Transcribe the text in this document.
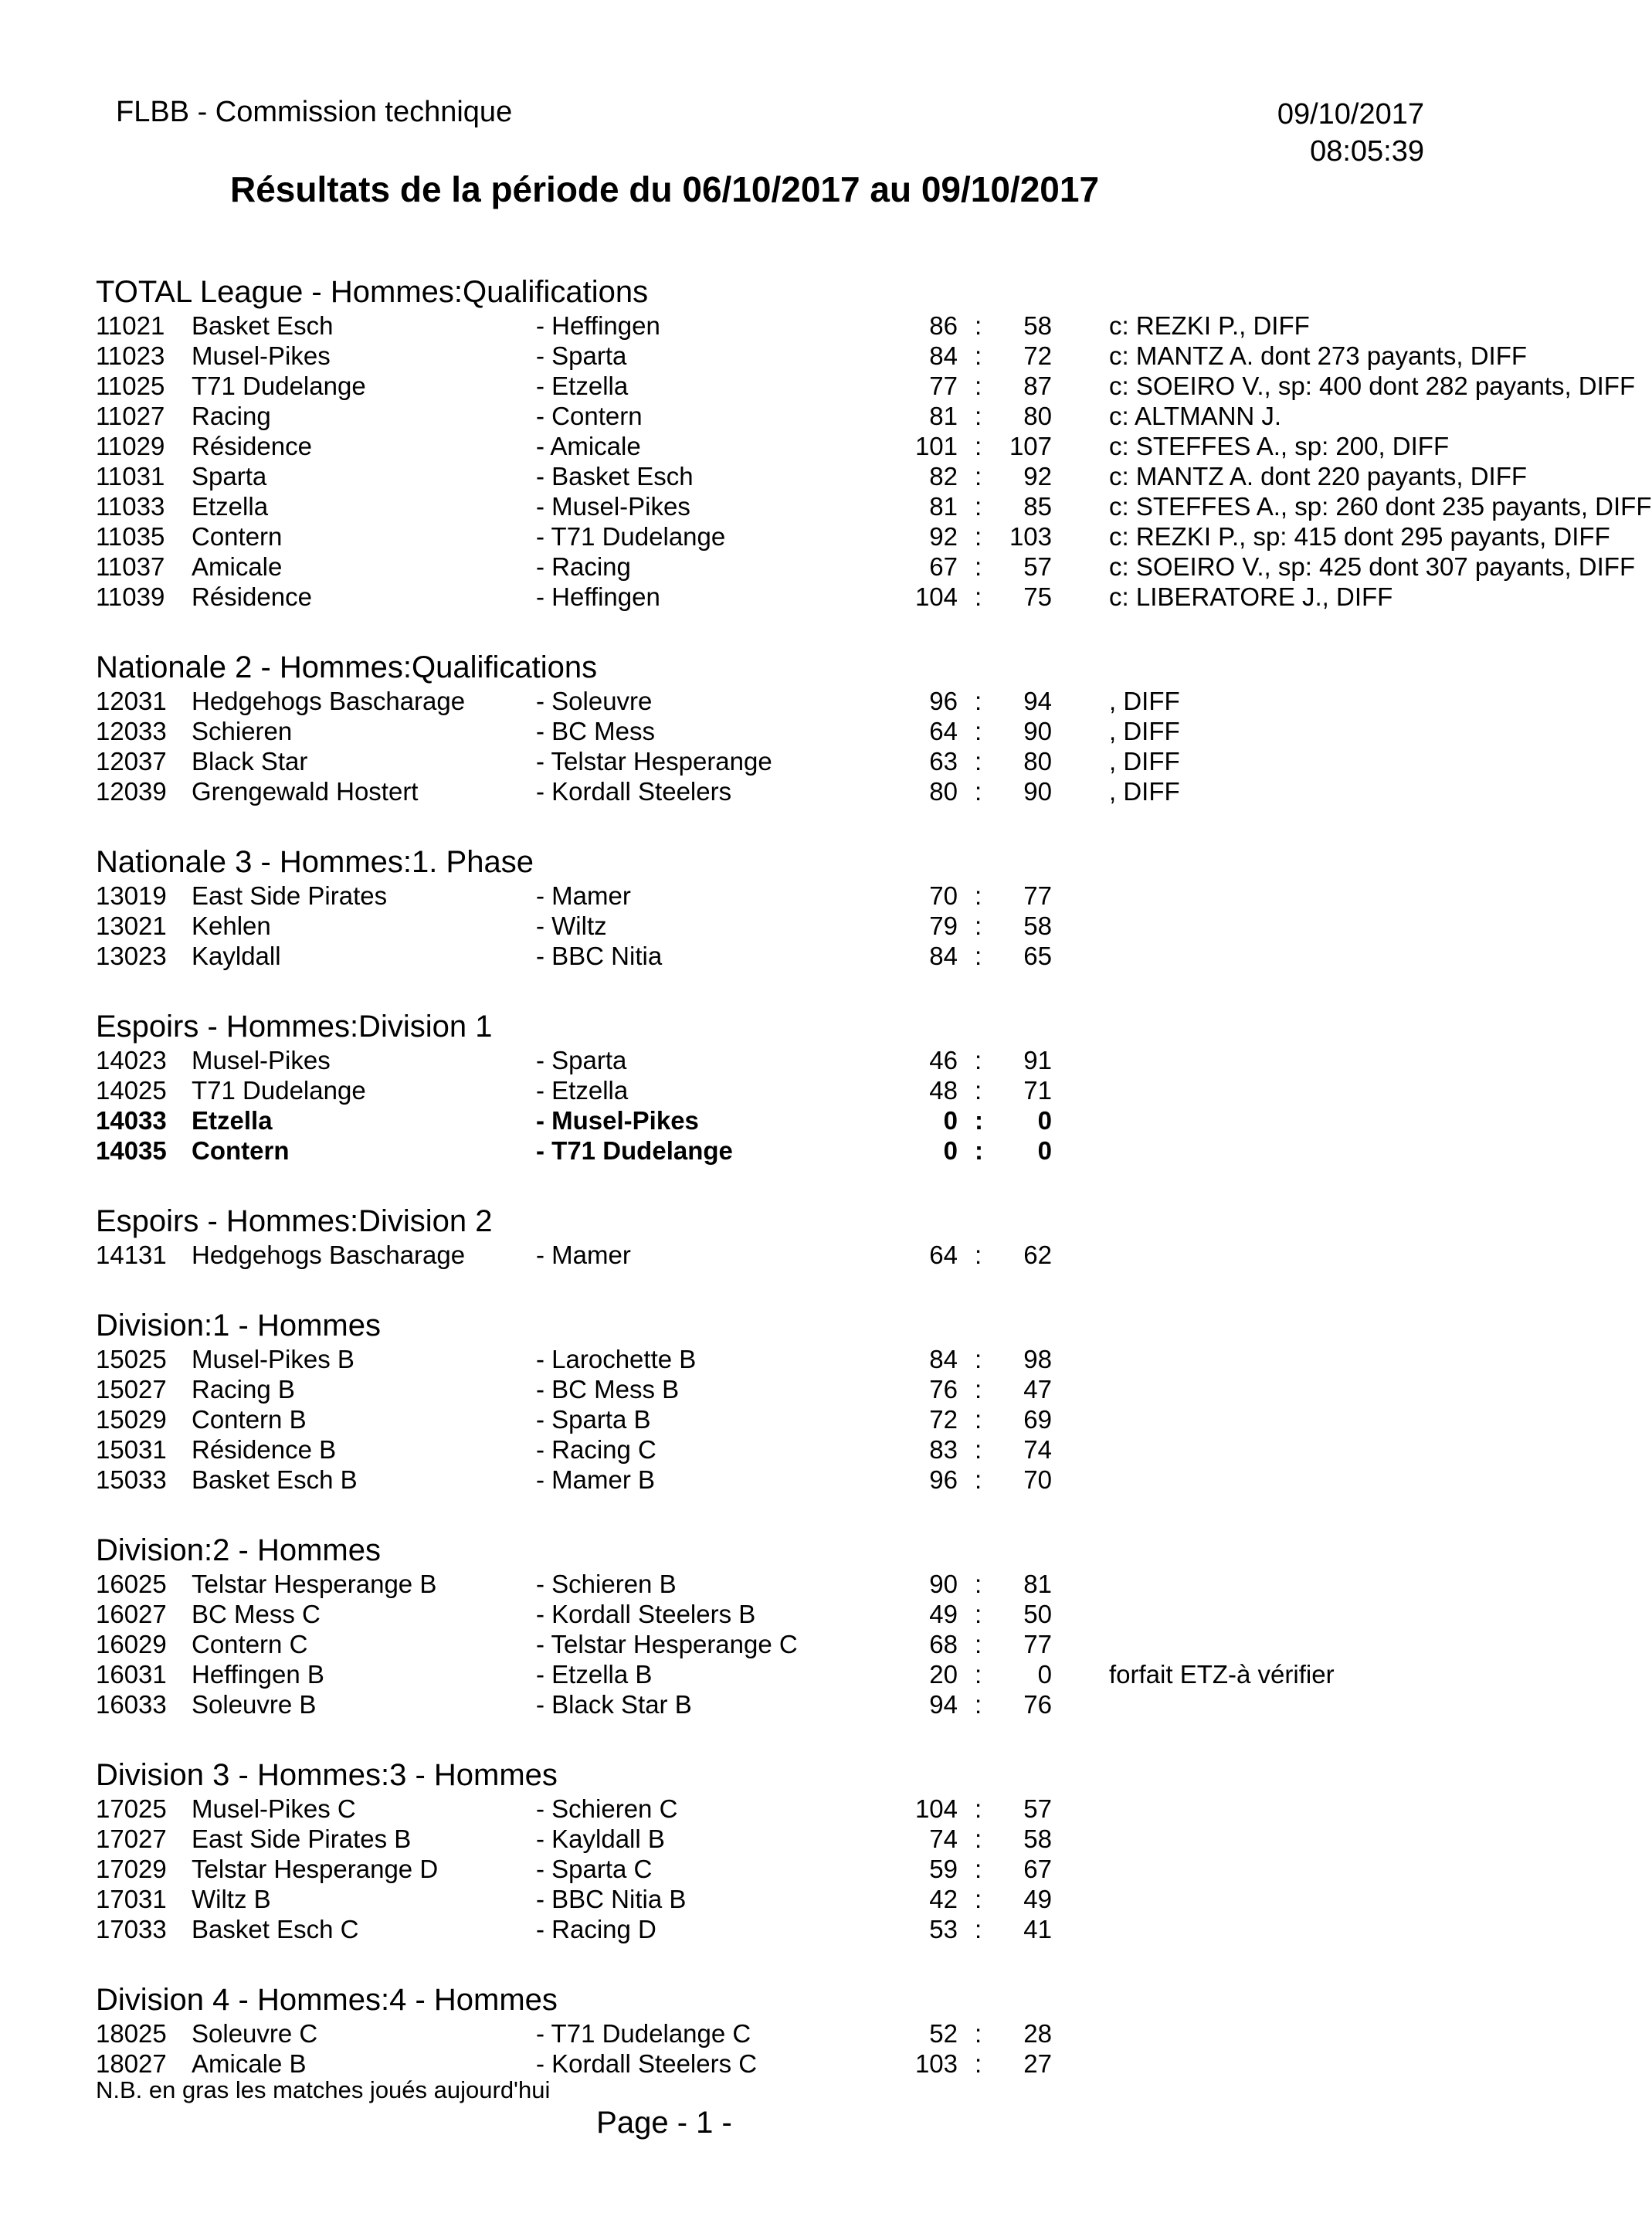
FLBB - Commission technique	09/10/2017
08:05:39
Résultats de la période du 06/10/2017 au 09/10/2017
TOTAL League - Hommes:Qualifications
11021 Basket Esch	- Heffingen	86 :	58 c: REZKI P., DIFF
11023 Musel-Pikes	- Sparta	84 :	72 c: MANTZ A. dont 273 payants, DIFF
11025 T71 Dudelange	- Etzella	77 :	87 c: SOEIRO V., sp: 400 dont 282 payants, DIFF
11027 Racing	- Contern	81 :	80 c: ALTMANN J.
11029 Résidence	- Amicale	101 :	107 c: STEFFES A., sp: 200, DIFF
11031 Sparta	- Basket Esch	82 :	92 c: MANTZ A. dont 220 payants, DIFF
11033 Etzella	- Musel-Pikes	81 :	85 c: STEFFES A., sp: 260 dont 235 payants, DIFF
11035 Contern	- T71 Dudelange	92 :	103 c: REZKI P., sp: 415 dont 295 payants, DIFF
11037 Amicale	- Racing	67 :	57 c: SOEIRO V., sp: 425 dont 307 payants, DIFF
11039 Résidence	- Heffingen	104 :	75 c: LIBERATORE J., DIFF
Nationale 2 - Hommes:Qualifications
12031 Hedgehogs Bascharage	- Soleuvre	96 :	94 , DIFF
12033 Schieren	- BC Mess	64 :	90 , DIFF
12037 Black Star	- Telstar Hesperange	63 :	80 , DIFF
12039 Grengewald Hostert	- Kordall Steelers	80 :	90 , DIFF
Nationale 3 - Hommes:1. Phase
13019 East Side Pirates	- Mamer	70 :	77
13021 Kehlen	- Wiltz	79 :	58
13023 Kayldall	- BBC Nitia	84 :	65
Espoirs - Hommes:Division 1
14023 Musel-Pikes	- Sparta	46 :	91
14025 T71 Dudelange	- Etzella	48 :	71
14033 Etzella	- Musel-Pikes	0 :	0
14035 Contern	- T71 Dudelange	0 :	0
Espoirs - Hommes:Division 2
14131 Hedgehogs Bascharage	- Mamer	64 :	62
Division:1 - Hommes
15025 Musel-Pikes B	- Larochette B	84 :	98
15027 Racing B	- BC Mess B	76 :	47
15029 Contern B	- Sparta B	72 :	69
15031 Résidence B	- Racing C	83 :	74
15033 Basket Esch B	- Mamer B	96 :	70
Division:2 - Hommes
16025 Telstar Hesperange B	- Schieren B	90 :	81
16027 BC Mess C	- Kordall Steelers B	49 :	50
16029 Contern C	- Telstar Hesperange C	68 :	77
16031 Heffingen B	- Etzella B	20 :	0 forfait ETZ-à vérifier
16033 Soleuvre B	- Black Star B	94 :	76
Division 3 - Hommes:3 - Hommes
17025 Musel-Pikes C	- Schieren C	104 :	57
17027 East Side Pirates B	- Kayldall B	74 :	58
17029 Telstar Hesperange D	- Sparta C	59 :	67
17031 Wiltz B	- BBC Nitia B	42 :	49
17033 Basket Esch C	- Racing D	53 :	41
Division 4 - Hommes:4 - Hommes
18025 Soleuvre C	- T71 Dudelange C	52 :	28
18027 Amicale B	- Kordall Steelers C	103 :	27
N.B. en gras les matches joués aujourd'hui
Page - 1 -
